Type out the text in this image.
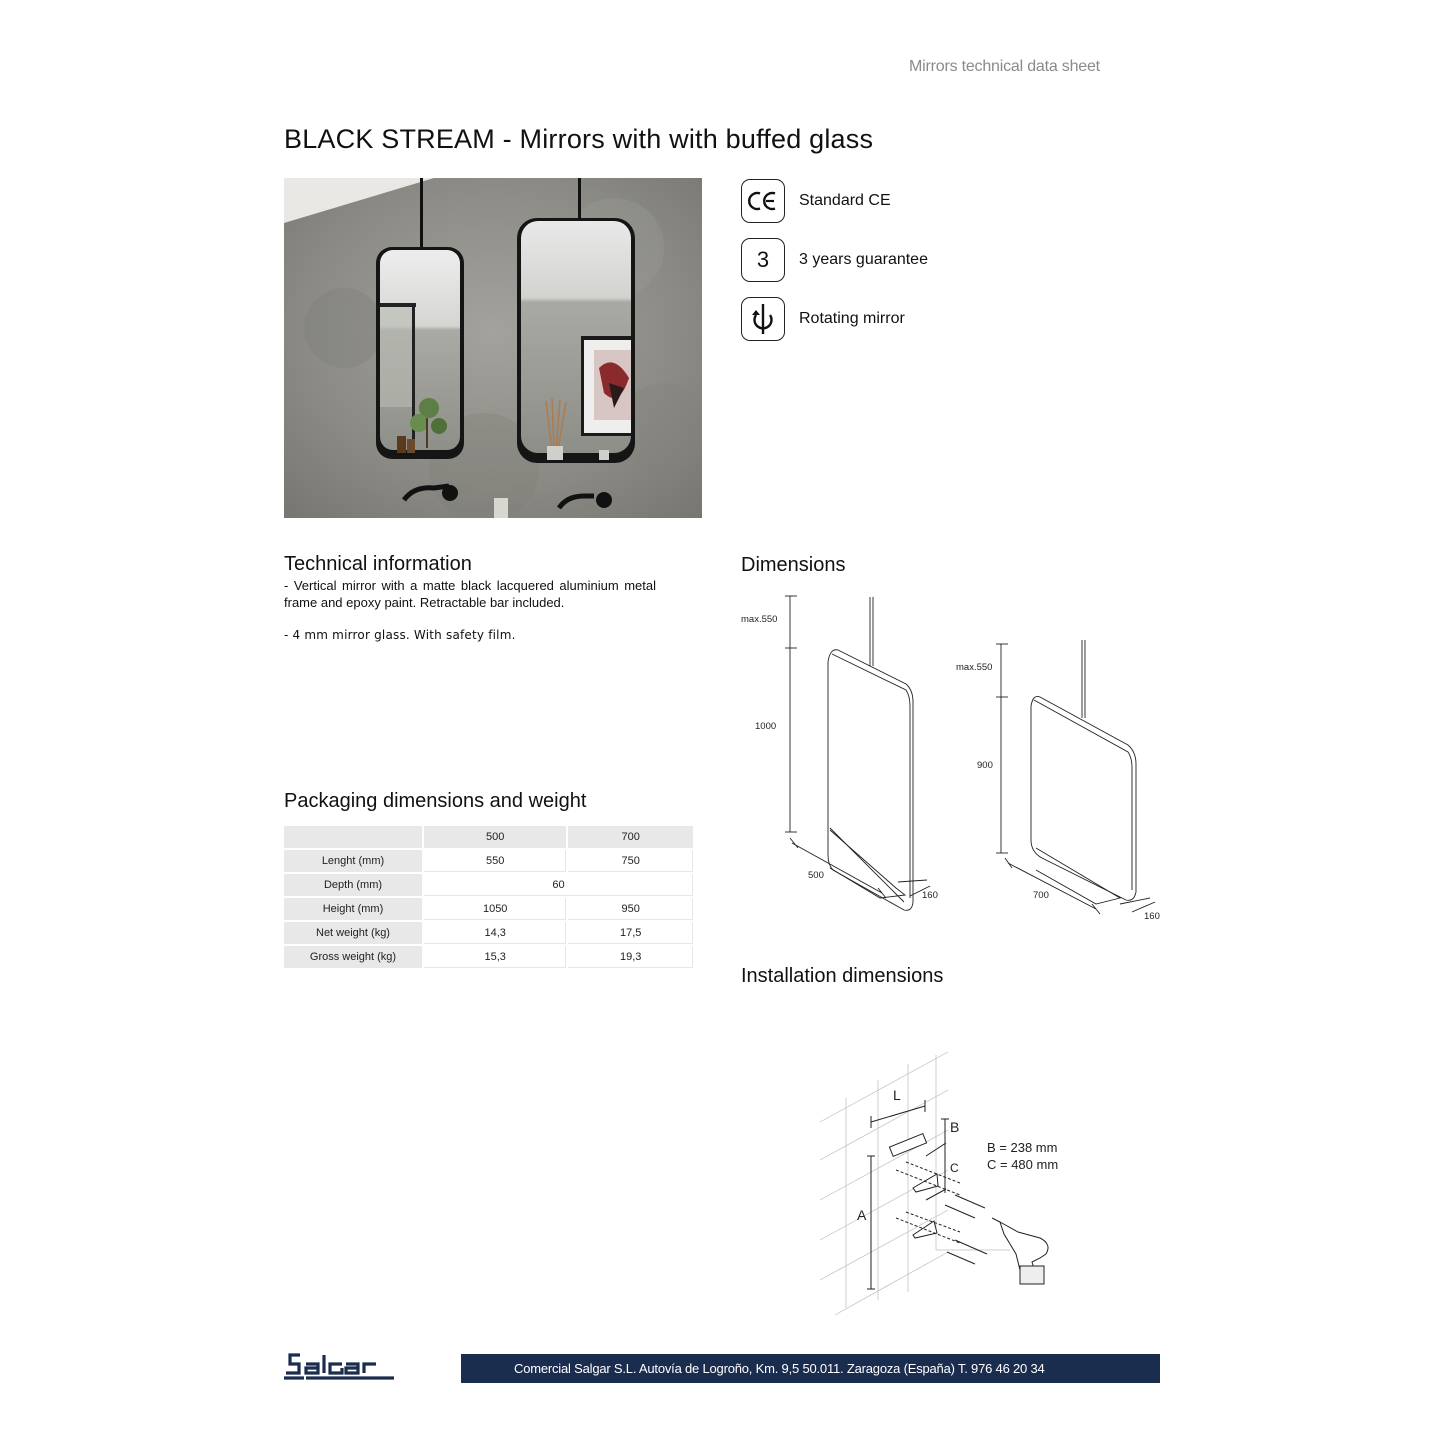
Mirrors technical data sheet
BLACK STREAM - Mirrors with with buffed glass
Standard CE
3	3 years guarantee
Rotating mirror
Technical information

- Vertical mirror with a matte black lacquered aluminium metal frame and epoxy paint. Retractable bar included.

- 4 mm mirror glass. With safety film.

Packaging dimensions and weight
	500	700
Lenght (mm)	550	750
Depth (mm)	60	
Height (mm)	1050	950
Net weight (kg)	14,3	17,5
Gross weight (kg)	15,3	19,3
Dimensions
max.550
1000
500
160
max.550
900
700
160
Installation dimensions
L
B
C
A
B = 238 mm
C = 480 mm
Comercial Salgar S.L. Autovía de Logroño, Km. 9,5 50.011. Zaragoza (España) T. 976 46 20 34
